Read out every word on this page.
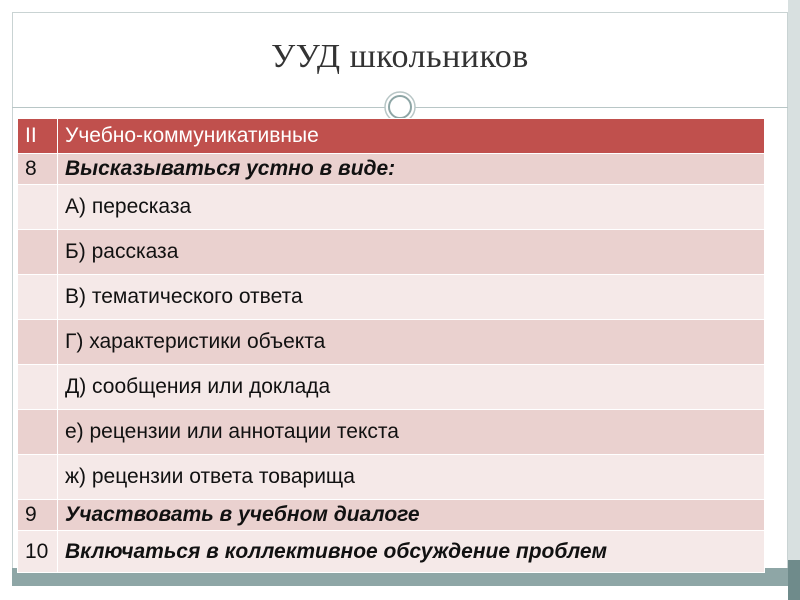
УУД школьников
II	Учебно-коммуникативные
8	Высказываться устно в виде:
	А) пересказа
	Б) рассказа
	В) тематического ответа
	Г) характеристики объекта
	Д) сообщения или доклада
	е) рецензии или аннотации текста
	ж) рецензии ответа товарища
9	Участвовать в учебном диалоге
10	Включаться в коллективное обсуждение проблем
